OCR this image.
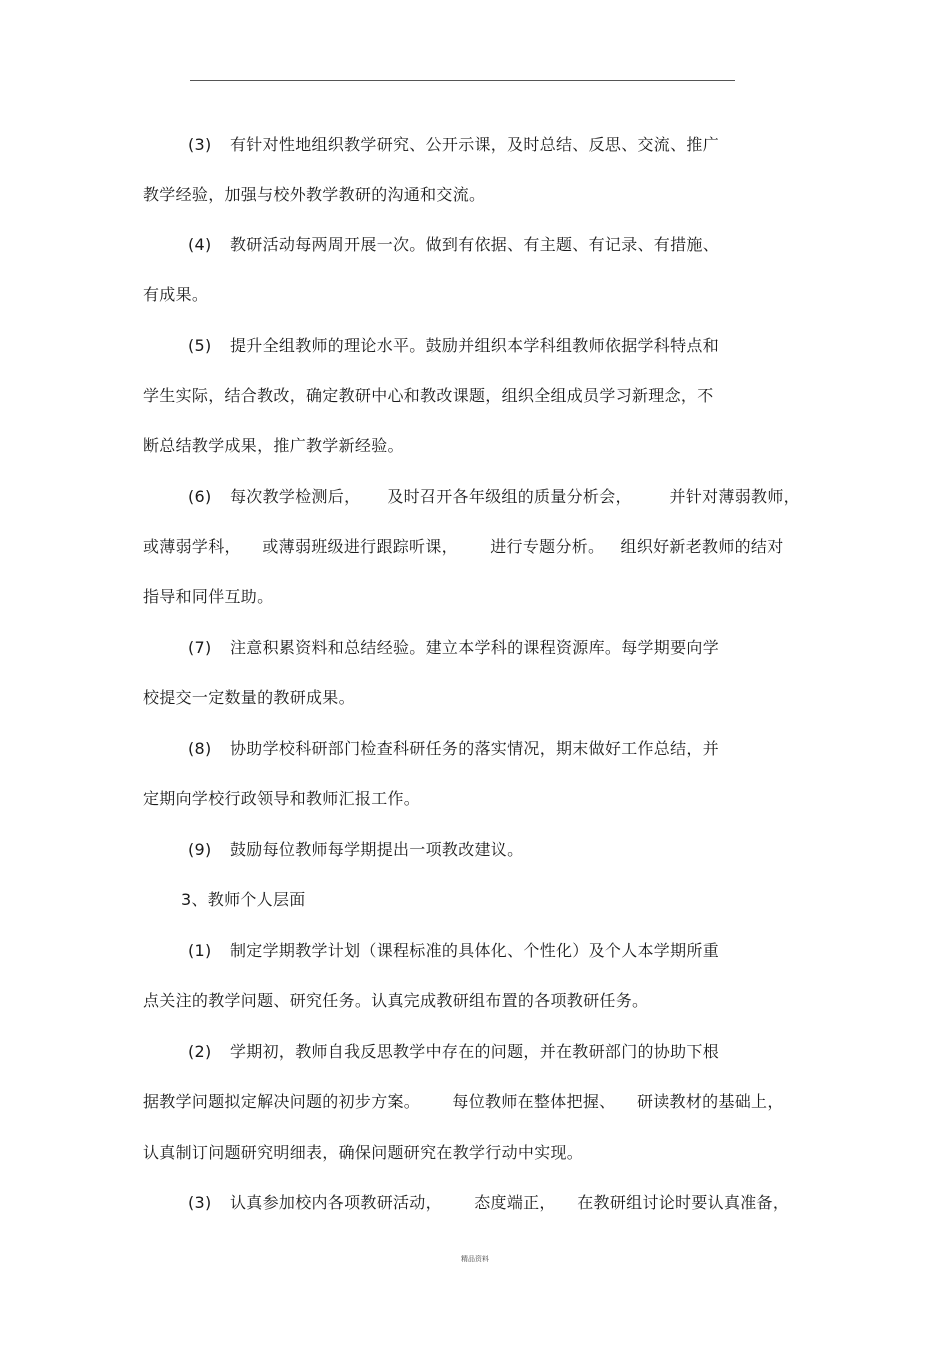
(3) 有针对性地组织教学研究、公开示课，及时总结、反思、交流、推广
教学经验，加强与校外教学教研的沟通和交流。
(4) 教研活动每两周开展一次。做到有依据、有主题、有记录、有措施、
有成果。
(5) 提升全组教师的理论水平。鼓励并组织本学科组教师依据学科特点和
学生实际，结合教改，确定教研中心和教改课题，组织全组成员学习新理念，不
断总结教学成果，推广教学新经验。
(6) 每次教学检测后，     及时召开各年级组的质量分析会，       并针对薄弱教师，
或薄弱学科，    或薄弱班级进行跟踪听课，      进行专题分析。   组织好新老教师的结对
指导和同伴互助。
(7) 注意积累资料和总结经验。建立本学科的课程资源库。每学期要向学
校提交一定数量的教研成果。
(8) 协助学校科研部门检查科研任务的落实情况，期末做好工作总结，并
定期向学校行政领导和教师汇报工作。
(9) 鼓励每位教师每学期提出一项教改建议。
3、教师个人层面
(1) 制定学期教学计划（课程标准的具体化、个性化）及个人本学期所重
点关注的教学问题、研究任务。认真完成教研组布置的各项教研任务。
(2) 学期初，教师自我反思教学中存在的问题，并在教研部门的协助下根
据教学问题拟定解决问题的初步方案。      每位教师在整体把握、    研读教材的基础上，
认真制订问题研究明细表，确保问题研究在教学行动中实现。
(3) 认真参加校内各项教研活动，      态度端正，    在教研组讨论时要认真准备，
精品资料
